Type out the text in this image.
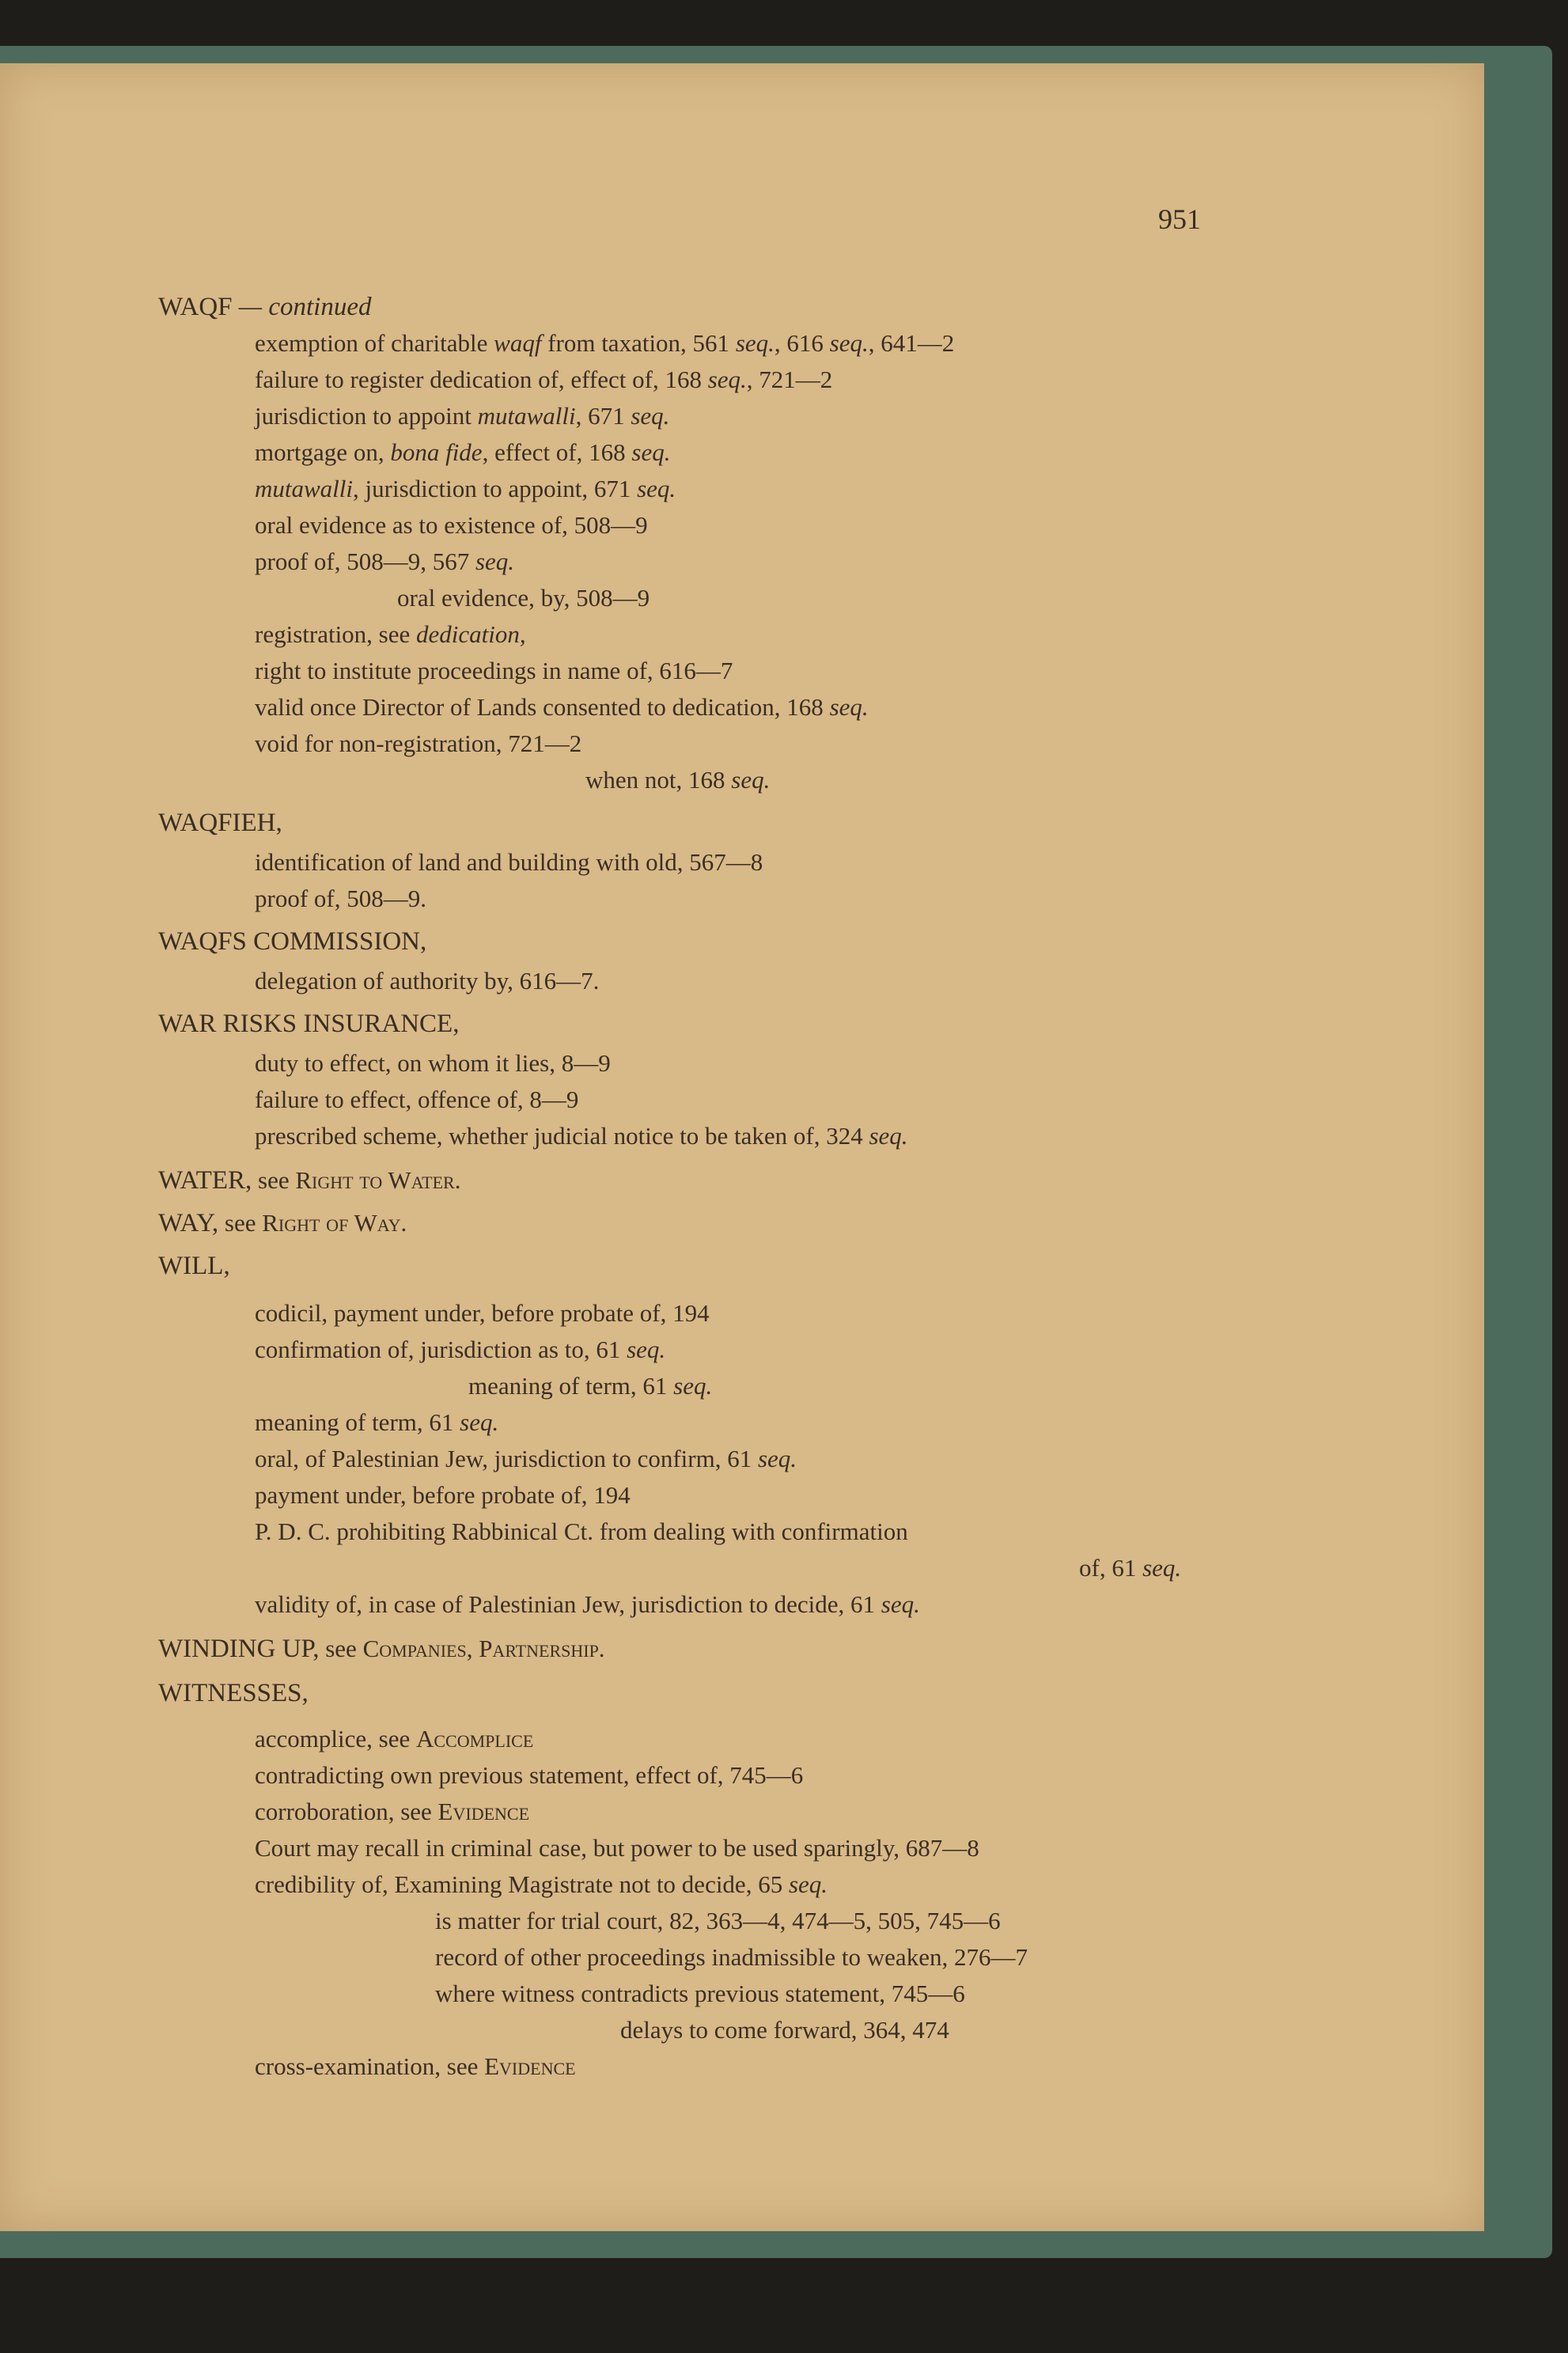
951
WAQF — continued
exemption of charitable waqf from taxation, 561 seq., 616 seq., 641—2
failure to register dedication of, effect of, 168 seq., 721—2
jurisdiction to appoint mutawalli, 671 seq.
mortgage on, bona fide, effect of, 168 seq.
mutawalli, jurisdiction to appoint, 671 seq.
oral evidence as to existence of, 508—9
proof of, 508—9, 567 seq.
oral evidence, by, 508—9
registration, see dedication,
right to institute proceedings in name of, 616—7
valid once Director of Lands consented to dedication, 168 seq.
void for non-registration, 721—2
when not, 168 seq.
WAQFIEH,
identification of land and building with old, 567—8
proof of, 508—9.
WAQFS COMMISSION,
delegation of authority by, 616—7.
WAR RISKS INSURANCE,
duty to effect, on whom it lies, 8—9
failure to effect, offence of, 8—9
prescribed scheme, whether judicial notice to be taken of, 324 seq.
WATER, see Right to Water.
WAY, see Right of Way.
WILL,
codicil, payment under, before probate of, 194
confirmation of, jurisdiction as to, 61 seq.
meaning of term, 61 seq.
meaning of term, 61 seq.
oral, of Palestinian Jew, jurisdiction to confirm, 61 seq.
payment under, before probate of, 194
P. D. C. prohibiting Rabbinical Ct. from dealing with confirmation
of, 61 seq.
validity of, in case of Palestinian Jew, jurisdiction to decide, 61 seq.
WINDING UP, see Companies, Partnership.
WITNESSES,
accomplice, see Accomplice
contradicting own previous statement, effect of, 745—6
corroboration, see Evidence
Court may recall in criminal case, but power to be used sparingly, 687—8
credibility of, Examining Magistrate not to decide, 65 seq.
is matter for trial court, 82, 363—4, 474—5, 505, 745—6
record of other proceedings inadmissible to weaken, 276—7
where witness contradicts previous statement, 745—6
delays to come forward, 364, 474
cross-examination, see Evidence
